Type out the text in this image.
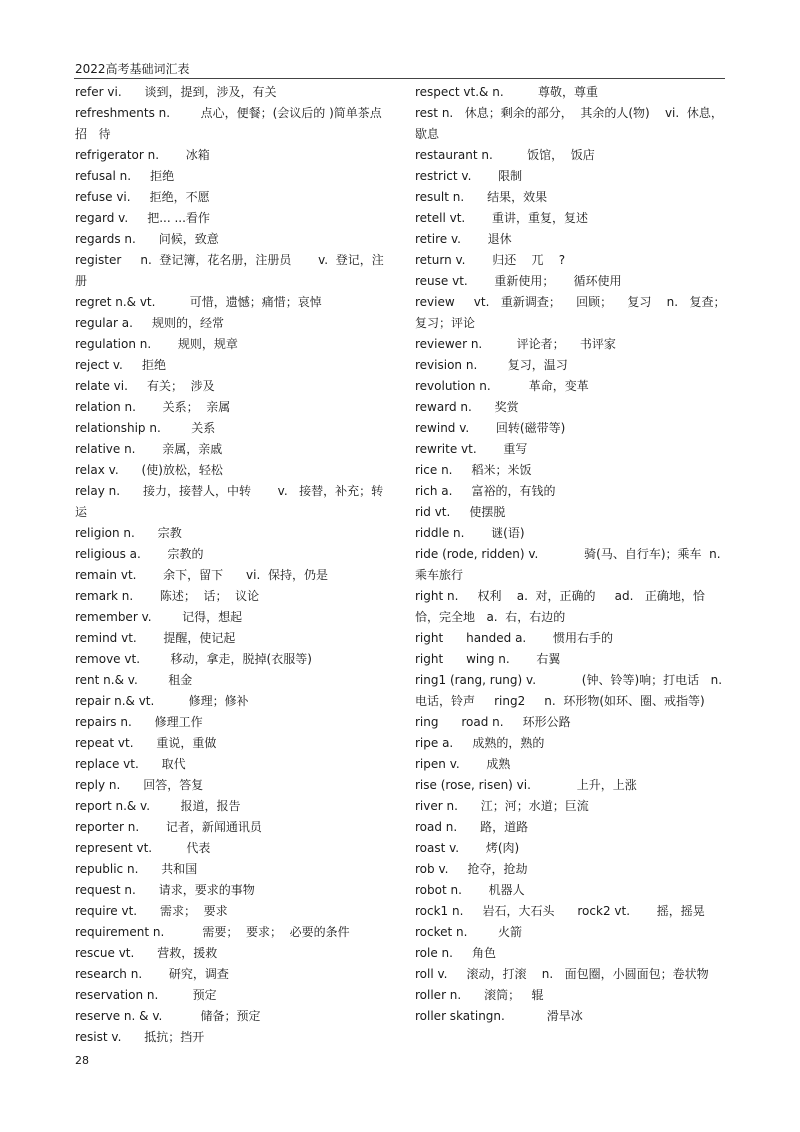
2022高考基础词汇表

refer vi.      谈到，提到，涉及，有关

refreshments n.        点心，便餐；(会议后的 )简单茶点招   待

refrigerator n.       冰箱

refusal n.     拒绝

refuse vi.     拒绝，不愿

regard v.     把... ...看作

regards n.      问候，致意

register     n.  登记簿，花名册，注册员       v.  登记，注册

regret n.& vt.         可惜，遗憾；痛惜；哀悼

regular a.     规则的，经常

regulation n.       规则，规章

reject v.     拒绝

relate vi.     有关；  涉及

relation n.       关系；  亲属

relationship n.        关系

relative n.       亲属，亲戚

relax v.      (使)放松，轻松

relay n.      接力，接替人，中转       v.   接替，补充；转运

religion n.      宗教

religious a.       宗教的

remain vt.       余下，留下      vi.  保持，仍是

remark n.       陈述；  话；  议论

remember v.        记得，想起

remind vt.       提醒，使记起

remove vt.        移动，拿走，脱掉(衣服等)

rent n.& v.        租金

repair n.& vt.         修理；修补

repairs n.      修理工作

repeat vt.      重说，重做

replace vt.      取代

reply n.      回答，答复

report n.& v.        报道，报告

reporter n.       记者，新闻通讯员

represent vt.         代表

republic n.      共和国

request n.      请求，要求的事物

require vt.      需求；  要求

requirement n.          需要；  要求；  必要的条件

rescue vt.      营救，援救

research n.       研究，调查

reservation n.         预定

reserve n. & v.          储备；预定

resist v.      抵抗；挡开

respect vt.& n.         尊敬，尊重

rest n.   休息；剩余的部分，  其余的人(物)    vi.  休息，歇息

restaurant n.         饭馆，  饭店

restrict v.       限制

result n.      结果，效果

retell vt.       重讲，重复，复述

retire v.       退休

return v.       归还    兀    ?

reuse vt.       重新使用；     循环使用

review     vt.   重新调查；    回顾；    复习    n.   复查；复习；评论

reviewer n.         评论者；    书评家

revision n.        复习，温习

revolution n.          革命，变革

reward n.      奖赏

rewind v.       回转(磁带等)

rewrite vt.       重写

rice n.     稻米；米饭

rich a.     富裕的，有钱的

rid vt.     使摆脱

riddle n.       谜(语)

ride (rode, ridden) v.            骑(马、自行车)；乘车  n.   乘车旅行

right n.     权利    a.  对，正确的     ad.   正确地，恰恰，完全地   a.  右，右边的

right      handed a.       惯用右手的

right      wing n.       右翼

ring1 (rang, rung) v.            (钟、铃等)响；打电话   n.  电话，铃声     ring2     n.  环形物(如环、圈、戒指等)

ring      road n.     环形公路

ripe a.     成熟的，熟的

ripen v.       成熟

rise (rose, risen) vi.            上升，上涨

river n.      江；河；水道；巨流

road n.      路，道路

roast v.       烤(肉)

rob v.     抢夺，抢劫

robot n.       机器人

rock1 n.     岩石，大石头      rock2 vt.       摇，摇晃

rocket n.        火箭

role n.     角色

roll v.     滚动，打滚    n.   面包圈，小圆面包；卷状物

roller n.      滚筒；   辊

roller skatingn.           滑旱冰

28
